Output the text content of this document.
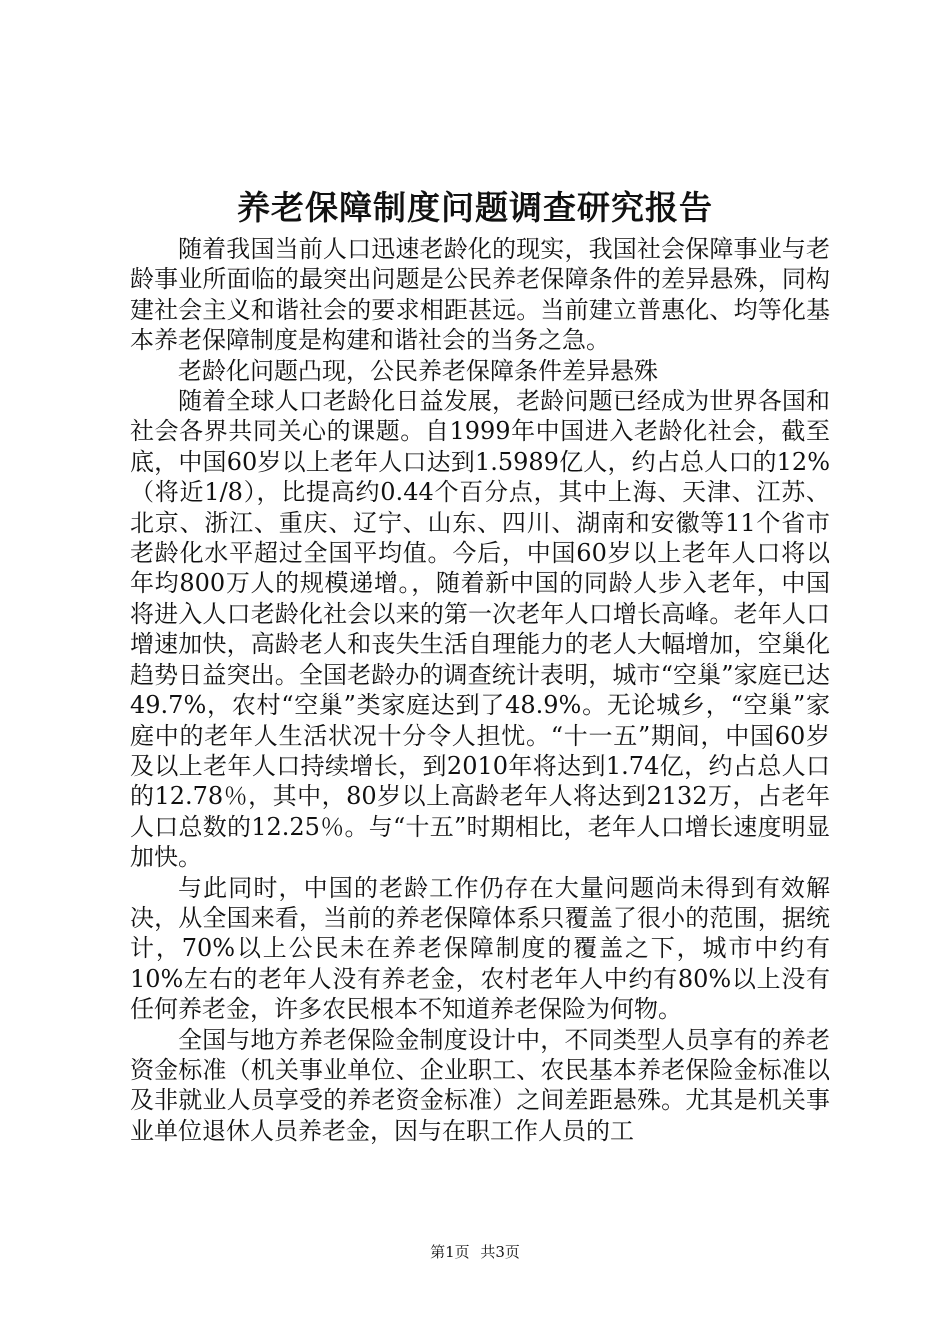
养老保障制度问题调查研究报告

随着我国当前人口迅速老龄化的现实，我国社会保障事业与老龄事业所面临的最突出问题是公民养老保障条件的差异悬殊，同构建社会主义和谐社会的要求相距甚远。当前建立普惠化、均等化基本养老保障制度是构建和谐社会的当务之急。

老龄化问题凸现，公民养老保障条件差异悬殊

随着全球人口老龄化日益发展，老龄问题已经成为世界各国和社会各界共同关心的课题。自1999年中国进入老龄化社会，截至底，中国60岁以上老年人口达到1.5989亿人，约占总人口的12%（将近1/8），比提高约0.44个百分点，其中上海、天津、江苏、北京、浙江、重庆、辽宁、山东、四川、湖南和安徽等11个省市老龄化水平超过全国平均值。今后，中国60岁以上老年人口将以年均800万人的规模递增。，随着新中国的同龄人步入老年，中国将进入人口老龄化社会以来的第一次老年人口增长高峰。老年人口增速加快，高龄老人和丧失生活自理能力的老人大幅增加，空巢化趋势日益突出。全国老龄办的调查统计表明，城市“空巢”家庭已达49.7%，农村“空巢”类家庭达到了48.9%。无论城乡，“空巢”家庭中的老年人生活状况十分令人担忧。“十一五”期间，中国60岁及以上老年人口持续增长，到2010年将达到1.74亿，约占总人口的12.78％，其中，80岁以上高龄老年人将达到2132万，占老年人口总数的12.25％。与“十五”时期相比，老年人口增长速度明显加快。

与此同时，中国的老龄工作仍存在大量问题尚未得到有效解决，从全国来看，当前的养老保障体系只覆盖了很小的范围，据统计，70%以上公民未在养老保障制度的覆盖之下，城市中约有10%左右的老年人没有养老金，农村老年人中约有80%以上没有任何养老金，许多农民根本不知道养老保险为何物。

全国与地方养老保险金制度设计中，不同类型人员享有的养老资金标准（机关事业单位、企业职工、农民基本养老保险金标准以及非就业人员享受的养老资金标准）之间差距悬殊。尤其是机关事业单位退休人员养老金，因与在职工作人员的工

第1页 共3页
